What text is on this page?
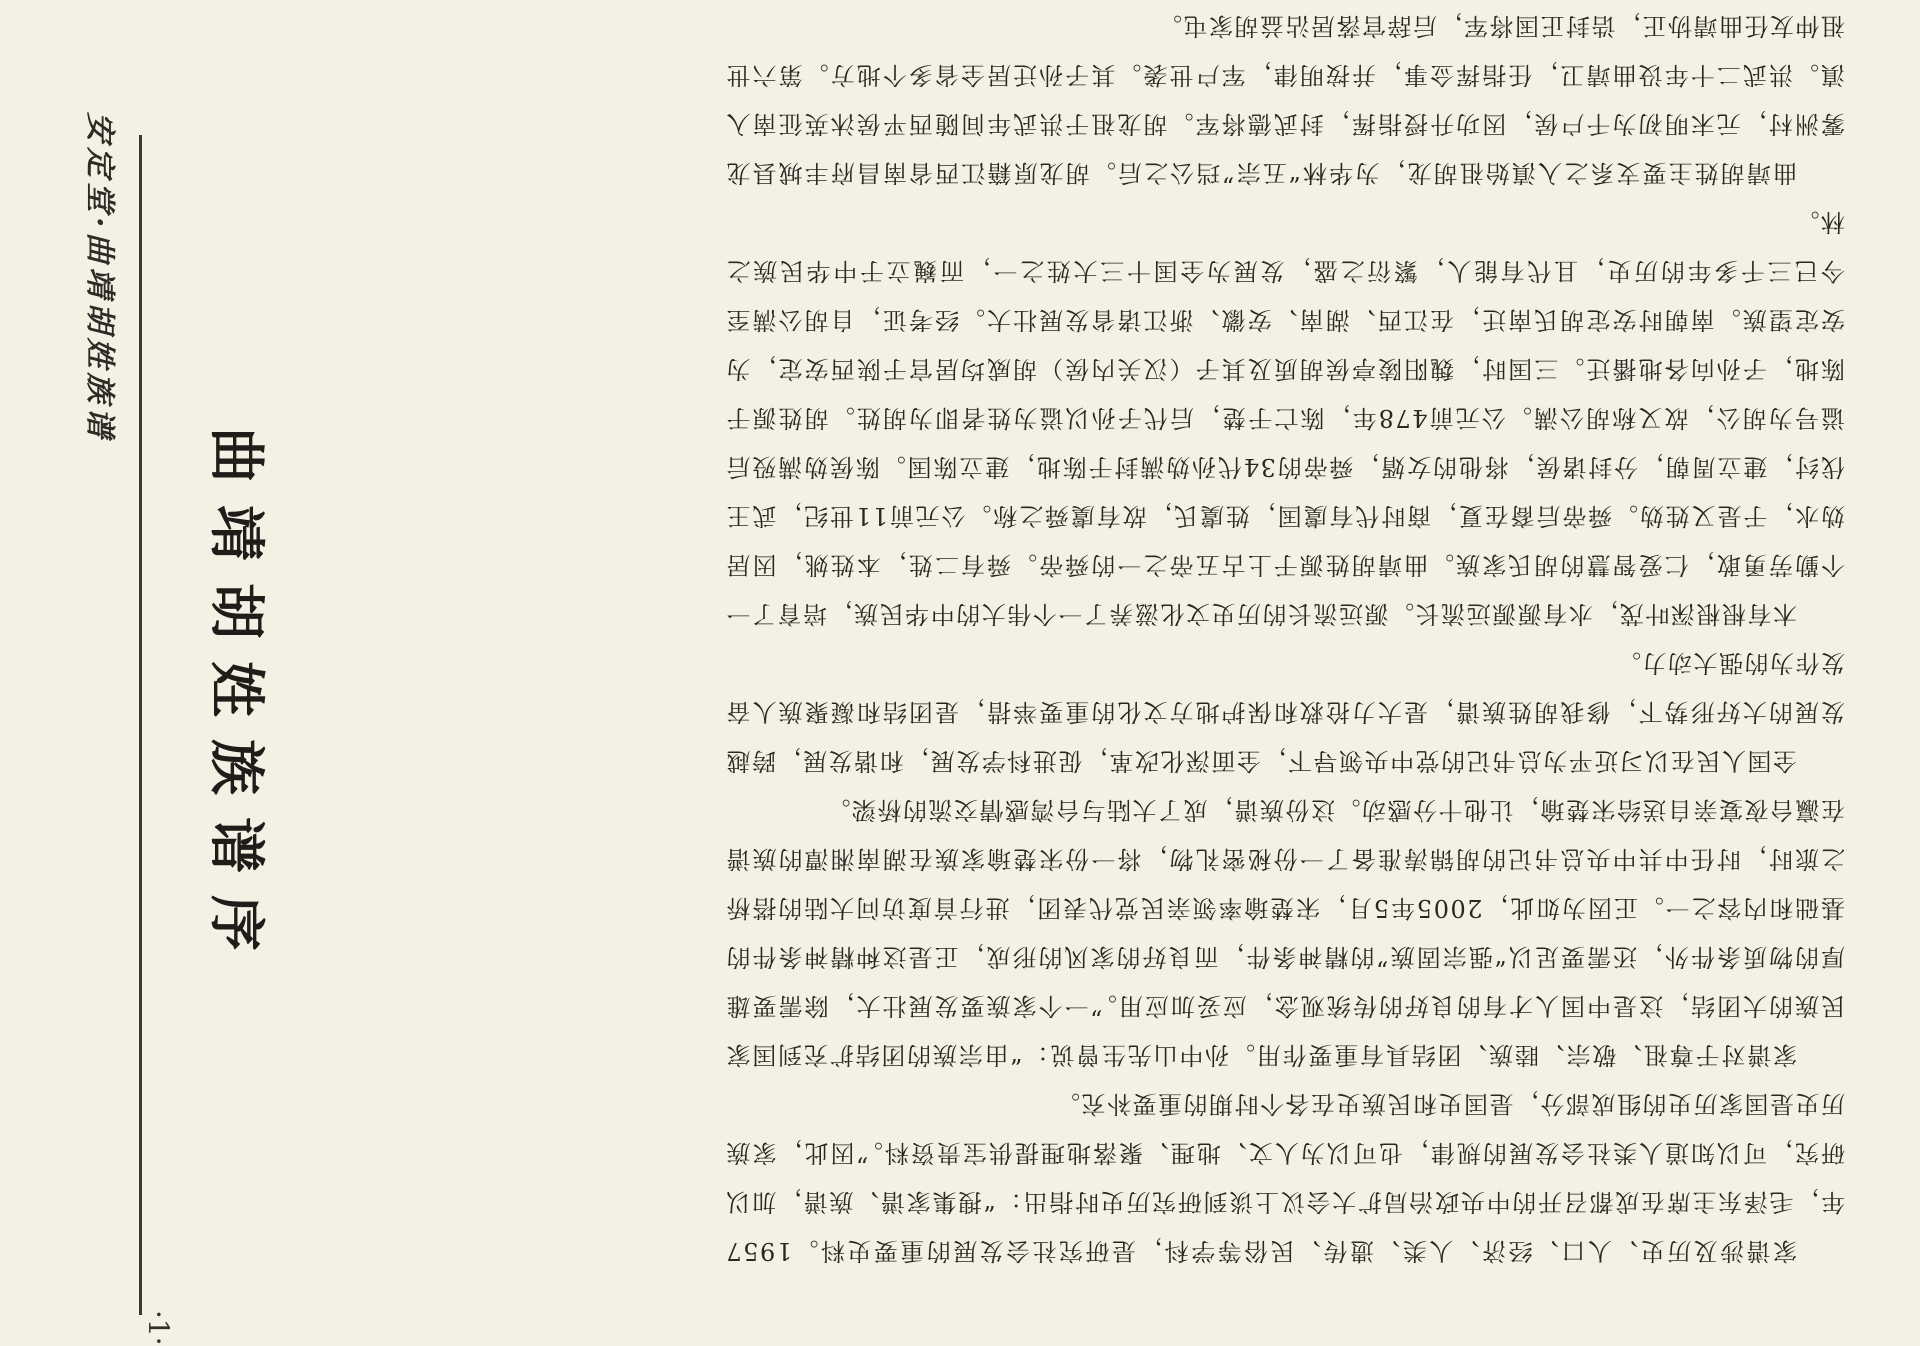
安定堂·曲靖胡姓族谱
·1·
曲靖胡姓族谱序

家谱涉及历史、人口、经济、人类、遗传、民俗等学科，是研究社会发展的重要史料。1957年，毛泽东主席在成都召开的中央政治局扩大会议上谈到研究历史时指出：“搜集家谱、族谱，加以研究，可以知道人类社会发展的规律，也可以为人文、地理、聚落地理提供宝贵资料。”因此，家族历史是国家历史的组成部分，是国史和民族史在各个时期的重要补充。

家谱对于尊祖、敬宗、睦族、团结具有重要作用。孙中山先生曾说：“由宗族的团结扩充到国家民族的大团结，这是中国人才有的良好的传统观念，应妥加应用。”一个家族要发展壮大，除需要雄厚的物质条件外，还需要足以“强宗固族”的精神条件，而良好的家风的形成，正是这种精神条件的基础和内容之一。正因为如此，2005年5月，宋楚瑜率领亲民党代表团，进行首度访问大陆的搭桥之旅时，时任中共中央总书记的胡锦涛准备了一份秘密礼物，将一份宋楚瑜家族在湖南湘潭的族谱在瀛台夜宴亲自送给宋楚瑜，让他十分感动。这份族谱，成了大陆与台湾感情交流的桥梁。

全国人民在以习近平为总书记的党中央领导下，全面深化改革，促进科学发展，和谐发展，跨越发展的大好形势下，修我胡姓族谱，是大力抢救和保护地方文化的重要举措，是团结和凝聚族人奋发作为的强大动力。

木有根根深叶茂，水有源源远流长。源远流长的历史文化滋养了一个伟大的中华民族，培育了一个勤劳勇敢，仁爱智慧的胡氏家族。曲靖胡姓源于上古五帝之一的舜帝。舜有二姓，本姓姚，因居妫水，于是又姓妫。舜帝后裔在夏，商时代有虞国，姓虞氏，故有虞舜之称。公元前11世纪，武王伐纣，建立周朝，分封诸侯，将他的女婿，舜帝的34代孙妫满封于陈地，建立陈国。陈侯妫满殁后谥号为胡公，故又称胡公满。公元前478年，陈亡于楚，后代子孙以谥为姓者即为胡姓。胡姓源于陈地，子孙向各地播迁。三国时，魏阳陵亭侯胡质及其子（汉关内侯）胡威均居官于陕西安定，为安定望族。南朝时安定胡氏南迁，在江西、湖南、安徽、浙江诸省发展壮大。经考证，自胡公满至今已三千多年的历史，且代有能人，繁衍之盛，发展为全国十三大姓之一，而巍立于中华民族之林。

曲靖胡姓主要支系之入滇始祖胡龙，为华林“五宗”珰公之后。胡龙原籍江西省南昌府丰城县龙雾洲村，元末明初为千户侯，因功升授指挥，封武德将军。胡龙祖于洪武年间随西平侯沐英征南入滇。洪武二十年设曲靖卫，任指挥佥事，并按明律，军户世袭。其子孙迁居全省多个地方。第六世祖仲友任曲靖协正，诰封正国将军，后辞官落居沾益胡家屯。
